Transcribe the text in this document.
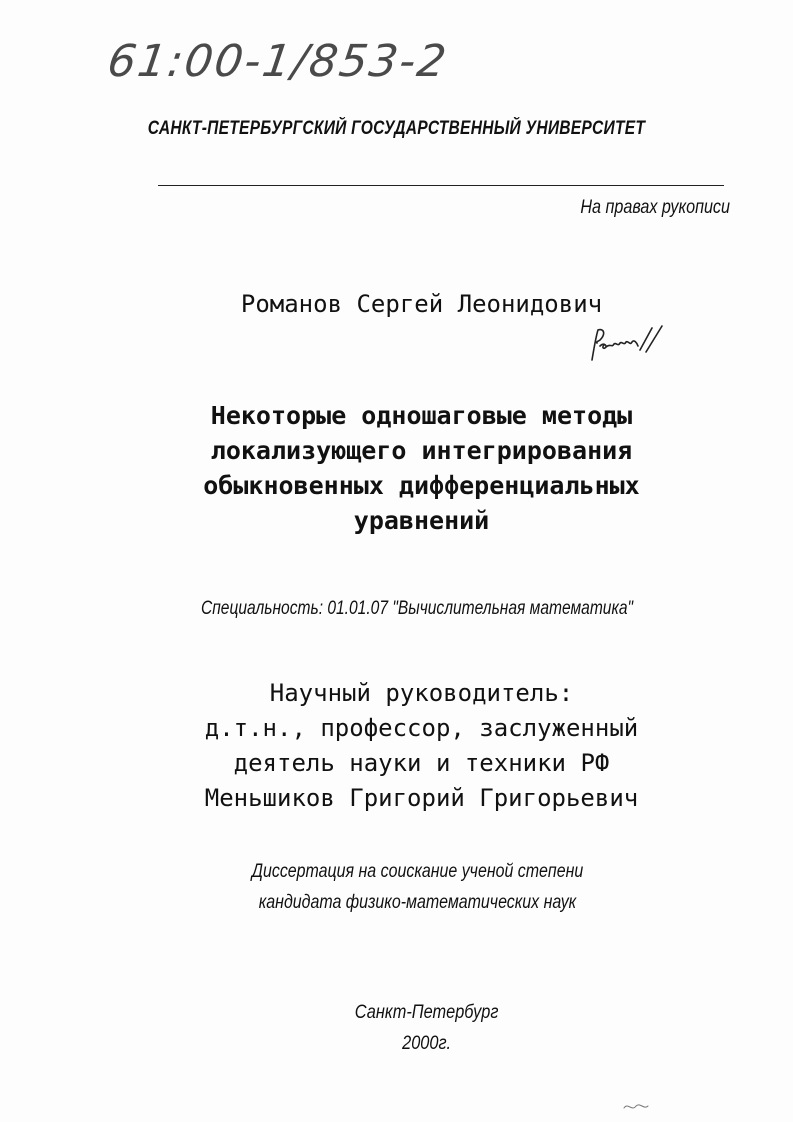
61:00-1/853-2
САНКТ-ПЕТЕРБУРГСКИЙ ГОСУДАРСТВЕННЫЙ УНИВЕРСИТЕТ
На правах рукописи
Романов Сергей Леонидович
Некоторые одношаговые методы
локализующего интегрирования
обыкновенных дифференциальных
уравнений
Специальность: 01.01.07 "Вычислительная математика"
Научный руководитель:
д.т.н., профессор, заслуженный
деятель науки и техники РФ
Меньшиков Григорий Григорьевич
Диссертация на соискание ученой степени
кандидата физико-математических наук
Санкт-Петербург
2000г.
